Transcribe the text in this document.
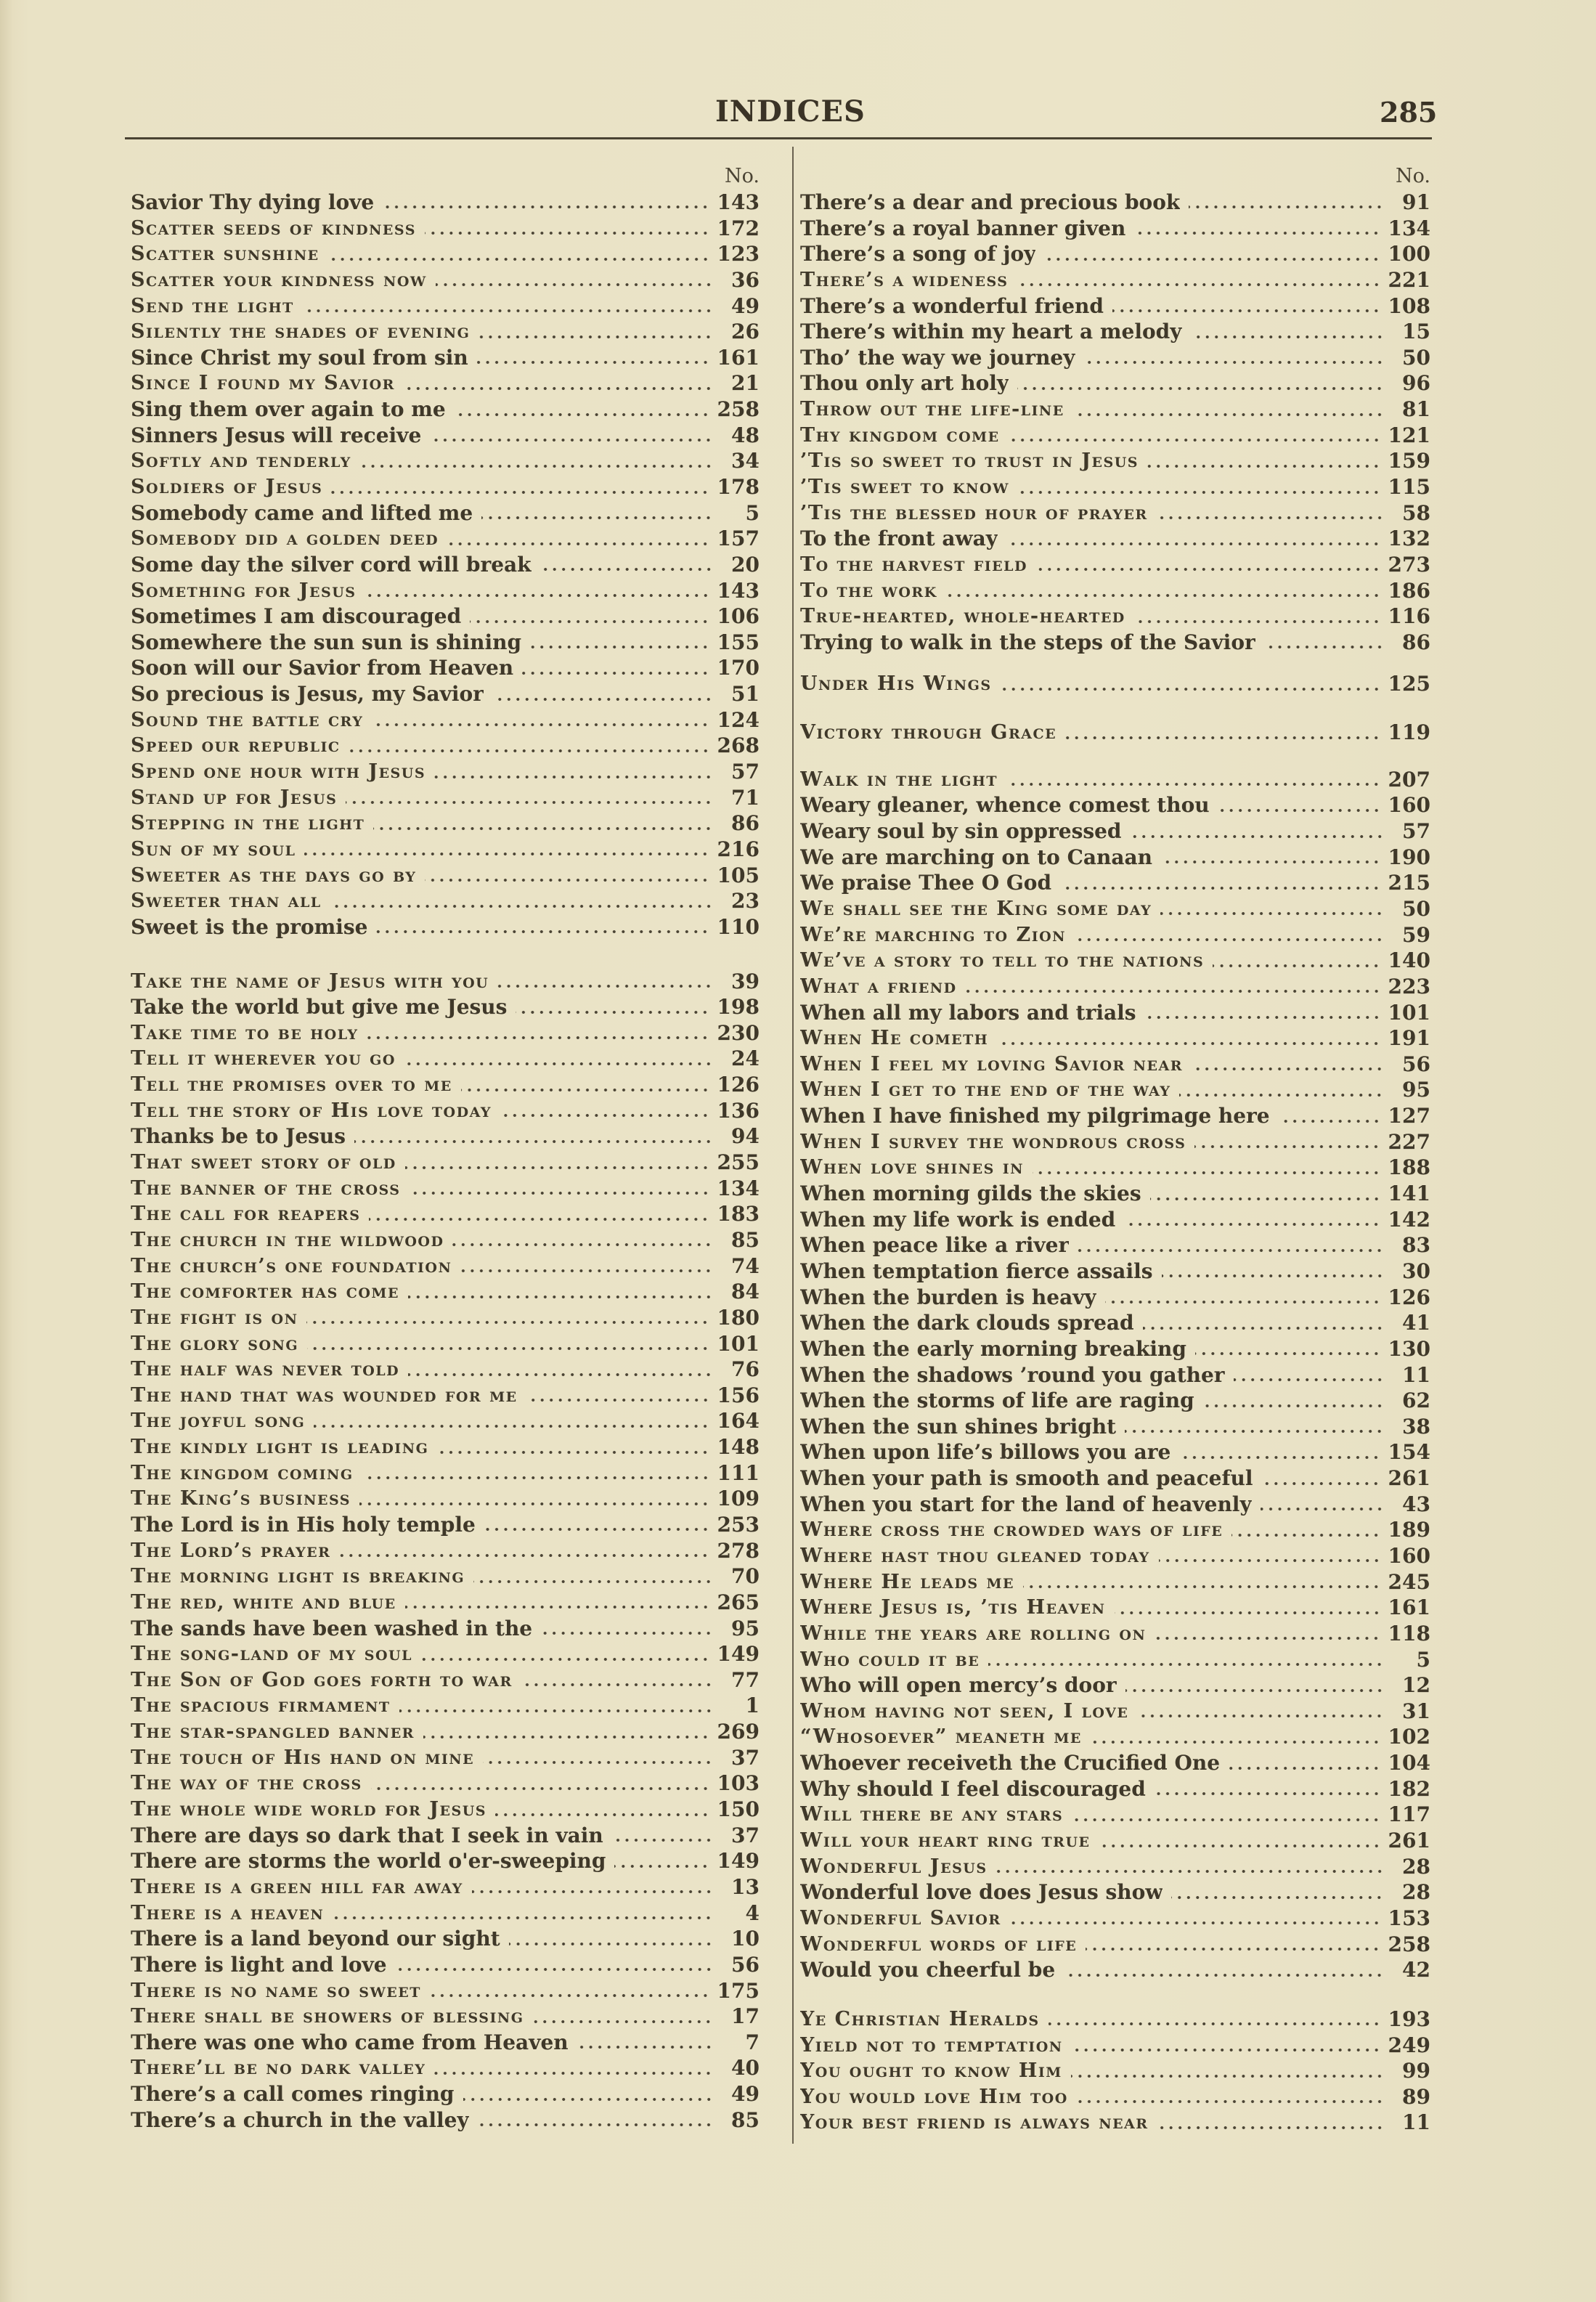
INDICES	285
No.
Savior Thy dying love	143
Scatter seeds of kindness	172
Scatter sunshine	123
Scatter your kindness now	36
Send the light	49
Silently the shades of evening	26
Since Christ my soul from sin	161
Since I found my Savior	21
Sing them over again to me	258
Sinners Jesus will receive	48
Softly and tenderly	34
Soldiers of Jesus	178
Somebody came and lifted me	5
Somebody did a golden deed	157
Some day the silver cord will break	20
Something for Jesus	143
Sometimes I am discouraged	106
Somewhere the sun sun is shining	155
Soon will our Savior from Heaven	170
So precious is Jesus, my Savior	51
Sound the battle cry	124
Speed our republic	268
Spend one hour with Jesus	57
Stand up for Jesus	71
Stepping in the light	86
Sun of my soul	216
Sweeter as the days go by	105
Sweeter than all	23
Sweet is the promise	110
Take the name of Jesus with you	39
Take the world but give me Jesus	198
Take time to be holy	230
Tell it wherever you go	24
Tell the promises over to me	126
Tell the story of His love today	136
Thanks be to Jesus	94
That sweet story of old	255
The banner of the cross	134
The call for reapers	183
The church in the wildwood	85
The church’s one foundation	74
The comforter has come	84
The fight is on	180
The glory song	101
The half was never told	76
The hand that was wounded for me	156
The joyful song	164
The kindly light is leading	148
The kingdom coming	111
The King’s business	109
The Lord is in His holy temple	253
The Lord’s prayer	278
The morning light is breaking	70
The red, white and blue	265
The sands have been washed in the	95
The song-land of my soul	149
The Son of God goes forth to war	77
The spacious firmament	1
The star-spangled banner	269
The touch of His hand on mine	37
The way of the cross	103
The whole wide world for Jesus	150
There are days so dark that I seek in vain	37
There are storms the world o'er-sweeping	149
There is a green hill far away	13
There is a heaven	4
There is a land beyond our sight	10
There is light and love	56
There is no name so sweet	175
There shall be showers of blessing	17
There was one who came from Heaven	7
There’ll be no dark valley	40
There’s a call comes ringing	49
There’s a church in the valley	85
No.
There’s a dear and precious book	91
There’s a royal banner given	134
There’s a song of joy	100
There’s a wideness	221
There’s a wonderful friend	108
There’s within my heart a melody	15
Tho’ the way we journey	50
Thou only art holy	96
Throw out the life-line	81
Thy kingdom come	121
’Tis so sweet to trust in Jesus	159
’Tis sweet to know	115
’Tis the blessed hour of prayer	58
To the front away	132
To the harvest field	273
To the work	186
True-hearted, whole-hearted	116
Trying to walk in the steps of the Savior	86
Under His Wings	125
Victory through Grace	119
Walk in the light	207
Weary gleaner, whence comest thou	160
Weary soul by sin oppressed	57
We are marching on to Canaan	190
We praise Thee O God	215
We shall see the King some day	50
We’re marching to Zion	59
We’ve a story to tell to the nations	140
What a friend	223
When all my labors and trials	101
When He cometh	191
When I feel my loving Savior near	56
When I get to the end of the way	95
When I have finished my pilgrimage here	127
When I survey the wondrous cross	227
When love shines in	188
When morning gilds the skies	141
When my life work is ended	142
When peace like a river	83
When temptation fierce assails	30
When the burden is heavy	126
When the dark clouds spread	41
When the early morning breaking	130
When the shadows ’round you gather	11
When the storms of life are raging	62
When the sun shines bright	38
When upon life’s billows you are	154
When your path is smooth and peaceful	261
When you start for the land of heavenly	43
Where cross the crowded ways of life	189
Where hast thou gleaned today	160
Where He leads me	245
Where Jesus is, ’tis Heaven	161
While the years are rolling on	118
Who could it be	5
Who will open mercy’s door	12
Whom having not seen, I love	31
“Whosoever” meaneth me	102
Whoever receiveth the Crucified One	104
Why should I feel discouraged	182
Will there be any stars	117
Will your heart ring true	261
Wonderful Jesus	28
Wonderful love does Jesus show	28
Wonderful Savior	153
Wonderful words of life	258
Would you cheerful be	42
Ye Christian Heralds	193
Yield not to temptation	249
You ought to know Him	99
You would love Him too	89
Your best friend is always near	11
